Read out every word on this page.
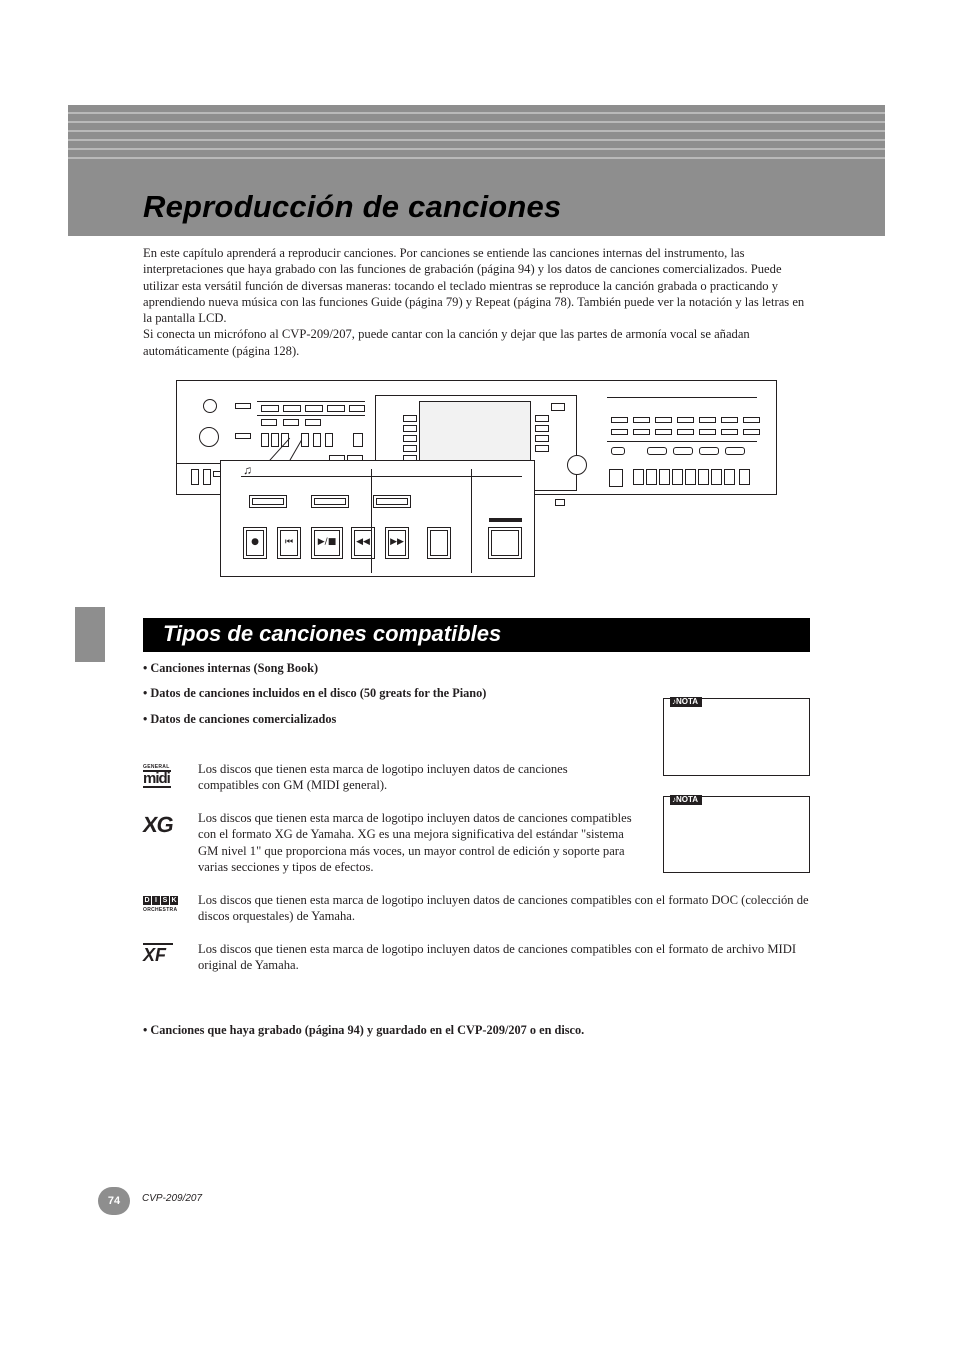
Reproducción de canciones

En este capítulo aprenderá a reproducir canciones. Por canciones se entiende las canciones internas del instrumento, las interpretaciones que haya grabado con las funciones de grabación (página 94) y los datos de canciones comercializados. Puede utilizar esta versátil función de diversas maneras: tocando el teclado mientras se reproduce la canción grabada o practicando y aprendiendo nueva música con las funciones Guide (página 79) y Repeat (página 78). También puede ver la notación y las letras en la pantalla LCD.

Si conecta un micrófono al CVP-209/207, puede cantar con la canción y dejar que las partes de armonía vocal se añadan automáticamente (página 128).

♫
●	⏮	▶/■	◀◀	▶▶
Tipos de canciones compatibles
• Canciones internas (Song Book)
• Datos de canciones incluidos en el disco (50 greats for the Piano)
• Datos de canciones comercializados
♪NOTA
♪NOTA
GENERAL
midi

Los discos que tienen esta marca de logotipo incluyen datos de canciones compatibles con GM (MIDI general).

XG Los discos que tienen esta marca de logotipo incluyen datos de canciones compatibles con el formato XG de Yamaha. XG es una mejora significativa del estándar "sistema GM nivel 1" que proporciona más voces, un mayor control de edición y soporte para varias secciones y tipos de efectos.

D I S K
ORCHESTRA

Los discos que tienen esta marca de logotipo incluyen datos de canciones compatibles con el formato DOC (colección de discos orquestales) de Yamaha.

XF	Los discos que tienen esta marca de logotipo incluyen datos de canciones compatibles con el formato de archivo MIDI original de Yamaha.

• Canciones que haya grabado (página 94) y guardado en el CVP-209/207 o en disco.
74	CVP-209/207
